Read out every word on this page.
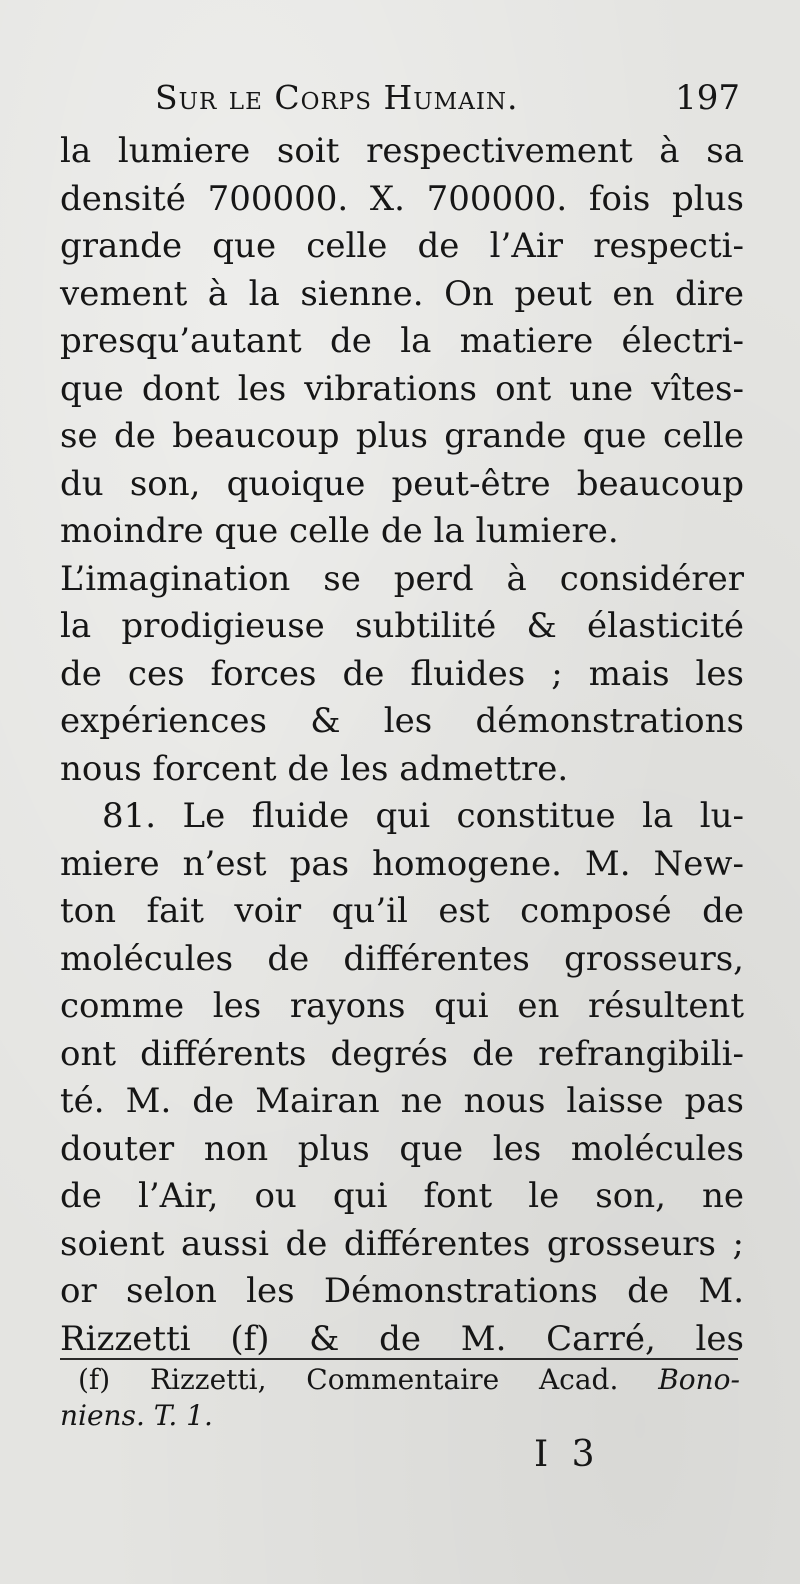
Sur le Corps Humain.	197
la lumiere soit respectivement à sa
densité 700000. X. 700000. fois plus
grande que celle de l’Air respecti-
vement à la sienne. On peut en dire
presqu’autant de la matiere électri-
que dont les vibrations ont une vîtes-
se de beaucoup plus grande que celle
du son, quoique peut-être beaucoup
moindre que celle de la lumiere.
L’imagination se perd à considérer
la prodigieuse subtilité & élasticité
de ces forces de fluides ; mais les
expériences & les démonstrations
nous forcent de les admettre.
81. Le fluide qui constitue la lu-
miere n’est pas homogene. M. New-
ton fait voir qu’il est composé de
molécules de différentes grosseurs,
comme les rayons qui en résultent
ont différents degrés de refrangibili-
té. M. de Mairan ne nous laisse pas
douter non plus que les molécules
de l’Air, ou qui font le son, ne
soient aussi de différentes grosseurs ;
or selon les Démonstrations de M.
Rizzetti (f) & de M. Carré, les
(f) Rizzetti, Commentaire Acad. Bono-
niens. T. 1.
I 3
